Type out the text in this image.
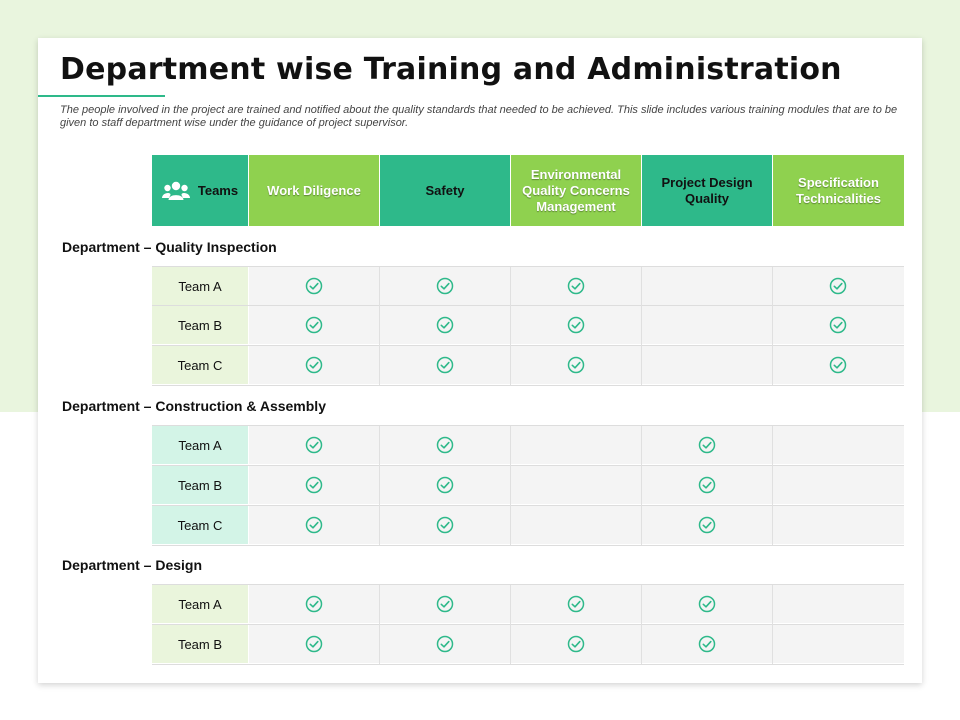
Department wise Training and Administration

The people involved in the project are trained and notified about the quality standards that needed to be achieved. This slide includes various training modules that are to be given to staff department wise under the guidance of project supervisor.

Teams	Work Diligence	Safety
Environmental Quality Concerns Management
Project Design Quality
Specification Technicalities

Department – Quality Inspection

Department – Construction & Assembly

Department – Design

Team A
Team B
Team C
Team A
Team B
Team C
Team A
Team B
